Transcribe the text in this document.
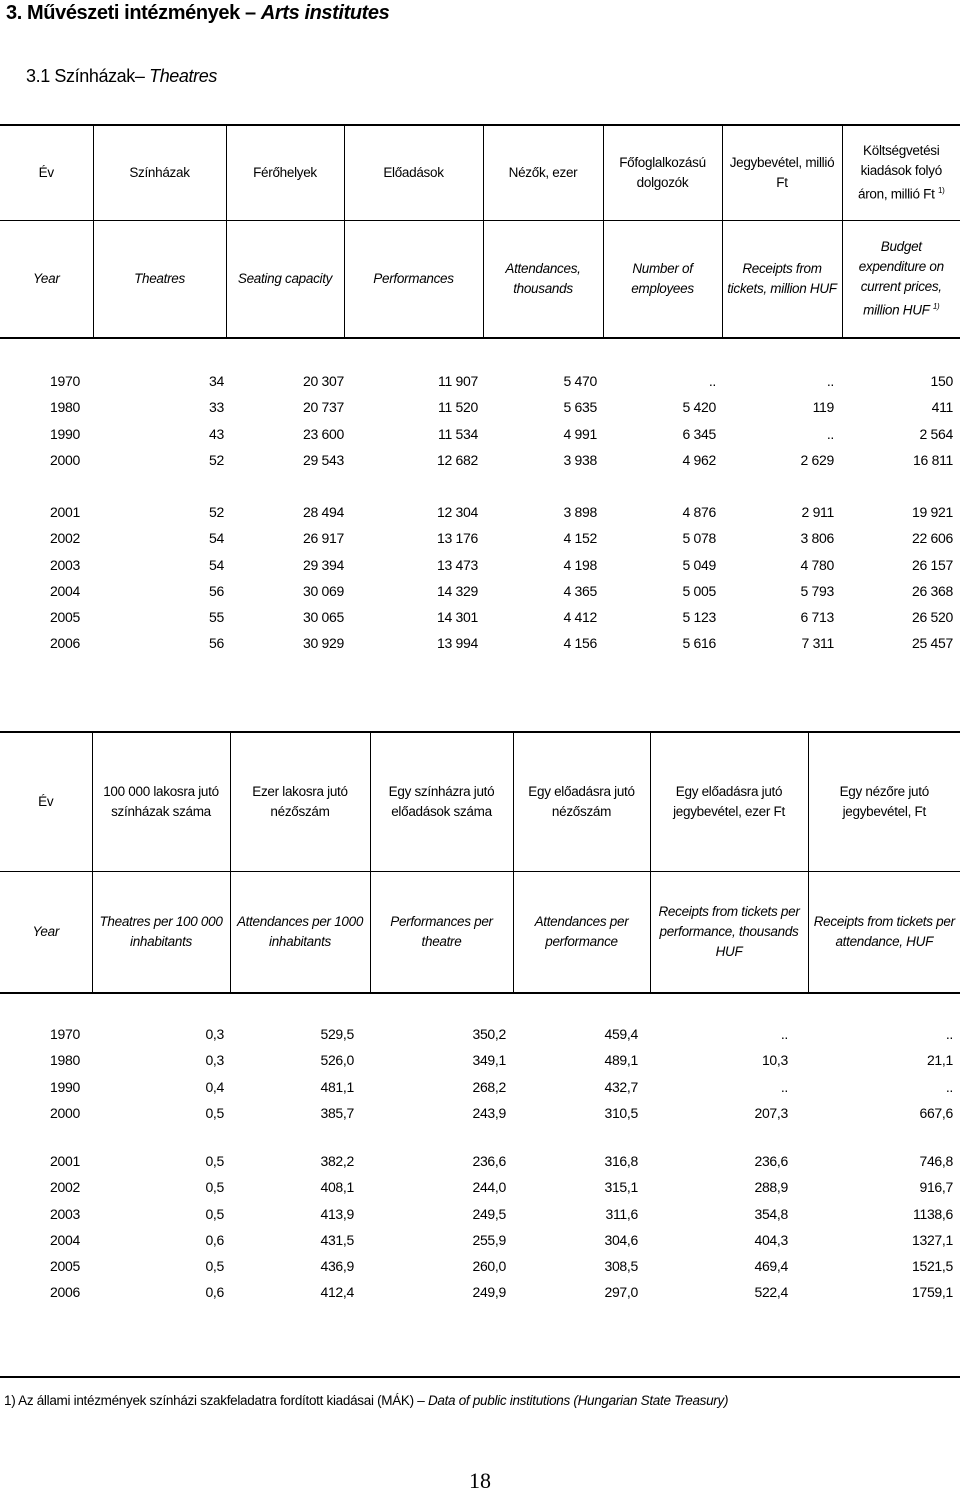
3. Művészeti intézmények – Arts institutes
3.1 Színházak– Theatres
Év	Színházak	Férőhelyek	Előadások	Nézők, ezer	Főfoglalkozású dolgozók	Jegybevétel, millió Ft	Költségvetési kiadások folyó áron, millió Ft $^{1)}$
Year	Theatres	Seating capacity	Performances	Attendances, thousands	Number of employees	Receipts from tickets, million HUF	Budget expenditure on current prices, million HUF $^{1)}$
1970	34	20 307	11 907	5 470	..	..	150
1980	33	20 737	11 520	5 635	5 420	119	411
1990	43	23 600	11 534	4 991	6 345	..	2 564
2000	52	29 543	12 682	3 938	4 962	2 629	16 811
2001	52	28 494	12 304	3 898	4 876	2 911	19 921
2002	54	26 917	13 176	4 152	5 078	3 806	22 606
2003	54	29 394	13 473	4 198	5 049	4 780	26 157
2004	56	30 069	14 329	4 365	5 005	5 793	26 368
2005	55	30 065	14 301	4 412	5 123	6 713	26 520
2006	56	30 929	13 994	4 156	5 616	7 311	25 457
Év	100 000 lakosra jutó színházak száma	Ezer lakosra jutó nézőszám	Egy színházra jutó előadások száma	Egy előadásra jutó nézőszám	Egy előadásra jutó jegybevétel, ezer Ft	Egy nézőre jutó jegybevétel, Ft
Year	Theatres per 100 000 inhabitants	Attendances per 1000 inhabitants	Performances per theatre	Attendances per performance	Receipts from tickets per performance, thousands HUF	Receipts from tickets per attendance, HUF
1970	0,3	529,5	350,2	459,4	..	..
1980	0,3	526,0	349,1	489,1	10,3	21,1
1990	0,4	481,1	268,2	432,7	..	..
2000	0,5	385,7	243,9	310,5	207,3	667,6
2001	0,5	382,2	236,6	316,8	236,6	746,8
2002	0,5	408,1	244,0	315,1	288,9	916,7
2003	0,5	413,9	249,5	311,6	354,8	1138,6
2004	0,6	431,5	255,9	304,6	404,3	1327,1
2005	0,5	436,9	260,0	308,5	469,4	1521,5
2006	0,6	412,4	249,9	297,0	522,4	1759,1
1) Az állami intézmények színházi szakfeladatra fordított kiadásai (MÁK) – Data of public institutions (Hungarian State Treasury)
18
